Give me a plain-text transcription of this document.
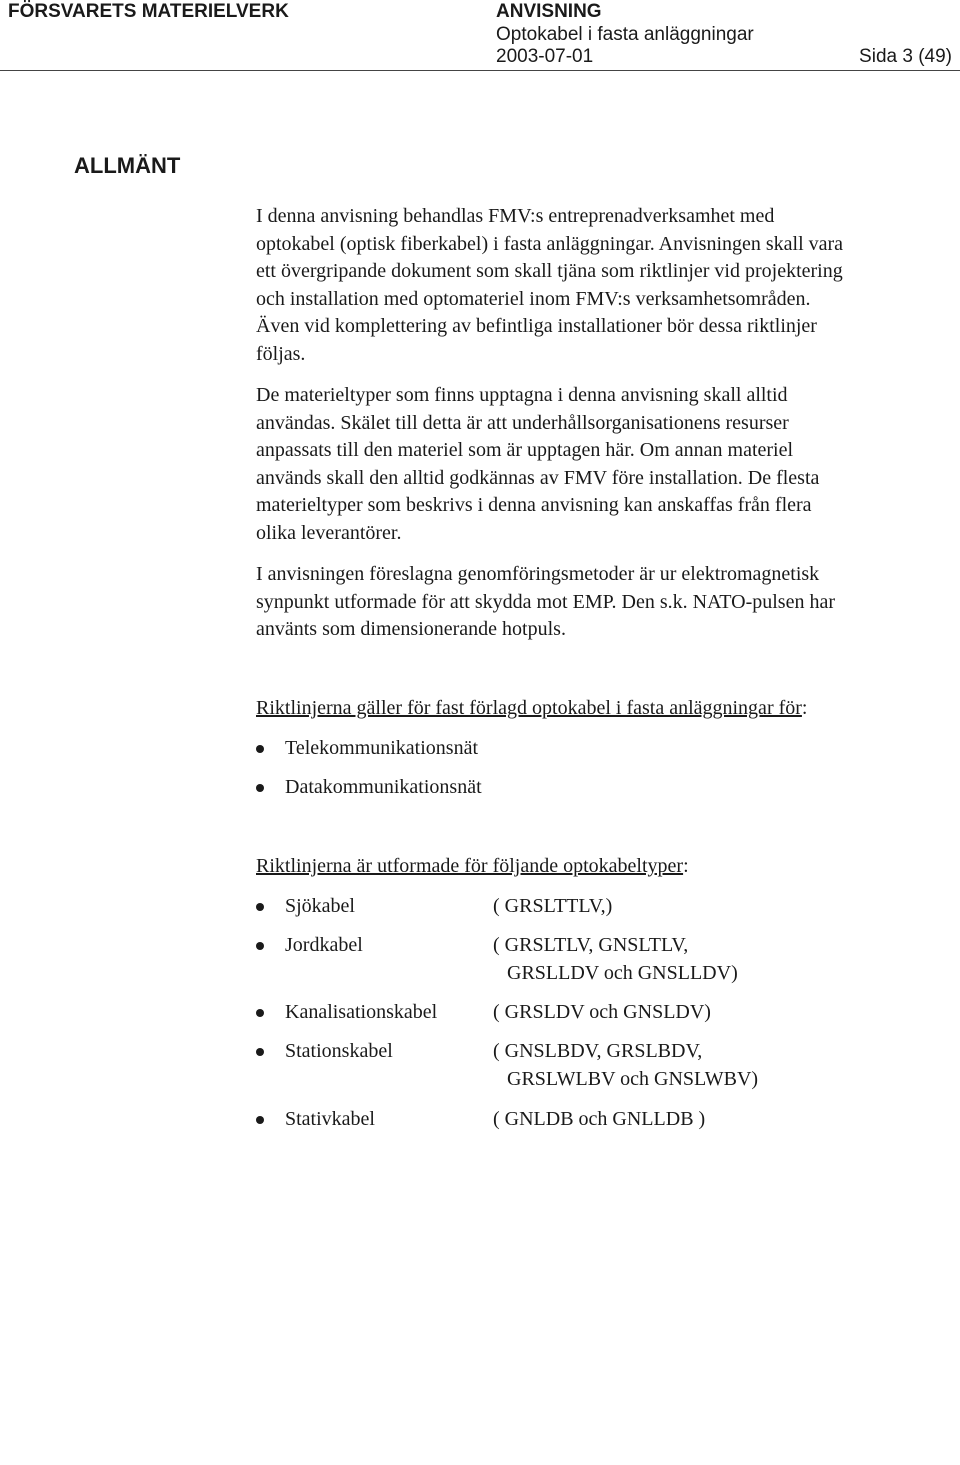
FÖRSVARETS MATERIELVERK	ANVISNING
Optokabel i fasta anläggningar
2003-07-01	Sida 3 (49)
ALLMÄNT
I denna anvisning behandlas FMV:s entreprenadverksamhet med
optokabel (optisk fiberkabel) i fasta anläggningar. Anvisningen skall vara
ett övergripande dokument som skall tjäna som riktlinjer vid projektering
och installation med optomateriel inom FMV:s verksamhetsområden.
Även vid komplettering av befintliga installationer bör dessa riktlinjer
följas.
De materieltyper som finns upptagna i denna anvisning skall alltid
användas. Skälet till detta är att underhållsorganisationens resurser
anpassats till den materiel som är upptagen här. Om annan materiel
används skall den alltid godkännas av FMV före installation. De flesta
materieltyper som beskrivs i denna anvisning kan anskaffas från flera
olika leverantörer.
I anvisningen föreslagna genomföringsmetoder är ur elektromagnetisk
synpunkt utformade för att skydda mot EMP. Den s.k. NATO-pulsen har
använts som dimensionerande hotpuls.
Riktlinjerna gäller för fast förlagd optokabel i fasta anläggningar för:
Telekommunikationsnät
Datakommunikationsnät
Riktlinjerna är utformade för följande optokabeltyper:
Sjökabel	( GRSLTTLV,)
Jordkabel	( GRSLTLV, GNSLTLV,
GRSLLDV och GNSLLDV)
Kanalisationskabel	( GRSLDV och GNSLDV)
Stationskabel	( GNSLBDV, GRSLBDV,
GRSLWLBV och GNSLWBV)
Stativkabel	( GNLDB och GNLLDB )
